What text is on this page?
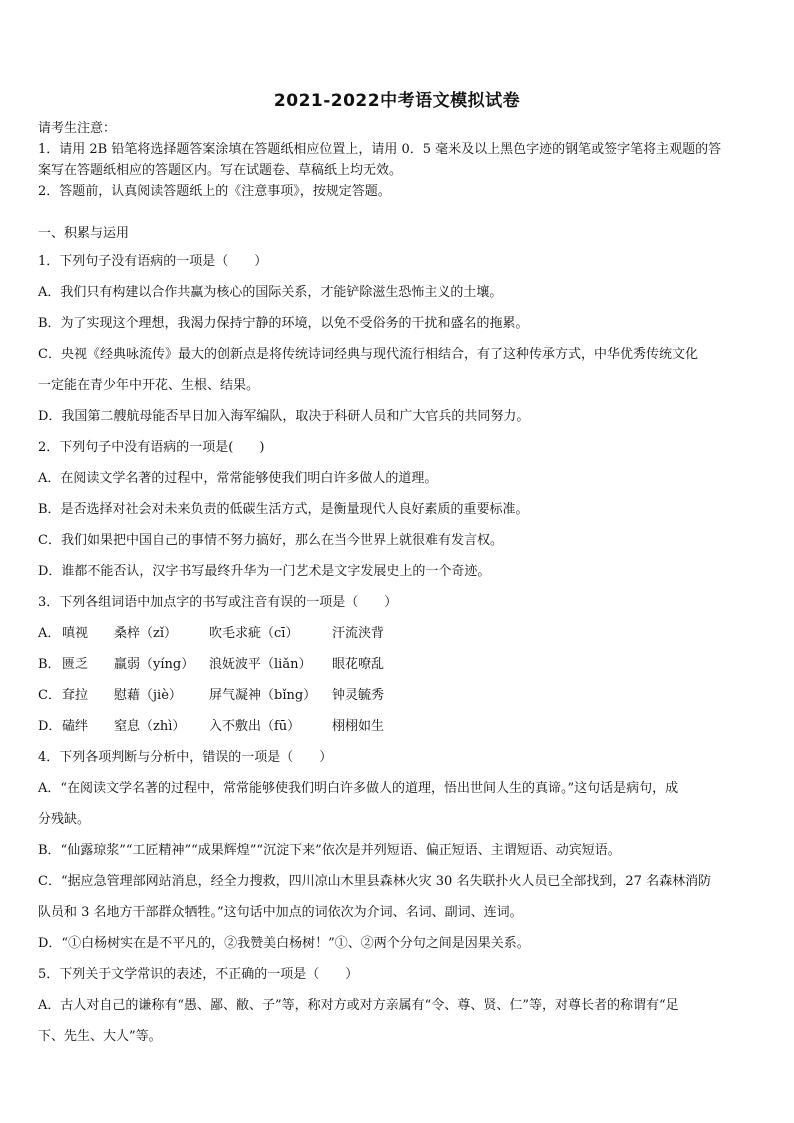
2021-2022中考语文模拟试卷
请考生注意：
1．请用 2B 铅笔将选择题答案涂填在答题纸相应位置上，请用 0．5 毫米及以上黑色字迹的钢笔或签字笔将主观题的答
案写在答题纸相应的答题区内。写在试题卷、草稿纸上均无效。
2．答题前，认真阅读答题纸上的《注意事项》，按规定答题。
一、积累与运用
1．下列句子没有语病的一项是（　　）
A．我们只有构建以合作共赢为核心的国际关系，才能铲除滋生恐怖主义的土壤。
B．为了实现这个理想，我渴力保持宁静的环境，以免不受俗务的干扰和盛名的拖累。
C．央视《经典咏流传》最大的创新点是将传统诗词经典与现代流行相结合，有了这种传承方式，中华优秀传统文化
一定能在青少年中开花、生根、结果。
D．我国第二艘航母能否早日加入海军编队，取决于科研人员和广大官兵的共同努力。
2．下列句子中没有语病的一项是(　　)
A．在阅读文学名著的过程中，常常能够使我们明白许多做人的道理。
B．是否选择对社会对未来负责的低碳生活方式，是衡量现代人良好素质的重要标准。
C．我们如果把中国自己的事情不努力搞好，那么在当今世界上就很难有发言权。
D．谁都不能否认，汉字书写最终升华为一门艺术是文字发展史上的一个奇迹。
3．下列各组词语中加点字的书写或注音有误的一项是（　　）
A． 嗔视	桑梓（zǐ）	吹毛求疵（cī）	汗流浃背
B． 匮乏	羸弱（yíng）	浪妩波平（liǎn）	眼花嘹乱
C． 耷拉	慰藉（jiè）	屏气凝神（bǐng）	钟灵毓秀
D． 磕绊	窒息（zhì）	入不敷出（fū）	栩栩如生
4．下列各项判断与分析中，错误的一项是（　　）
A．“在阅读文学名著的过程中，常常能够使我们明白许多做人的道理，悟出世间人生的真谛。”这句话是病句，成
分残缺。
B．“仙露琼浆”“工匠精神”“成果辉煌”“沉淀下来”依次是并列短语、偏正短语、主谓短语、动宾短语。
C．“据应急管理部网站消息，经全力搜救，四川凉山木里县森林火灾 30 名失联扑火人员已全部找到，27 名森林消防
队员和 3 名地方干部群众牺牲。”这句话中加点的词依次为介词、名词、副词、连词。
D．“①白杨树实在是不平凡的，②我赞美白杨树！”①、②两个分句之间是因果关系。
5．下列关于文学常识的表述，不正确的一项是（　　）
A．古人对自己的谦称有“愚、鄙、敝、子”等，称对方或对方亲属有“令、尊、贤、仁”等，对尊长者的称谓有“足
下、先生、大人”等。
